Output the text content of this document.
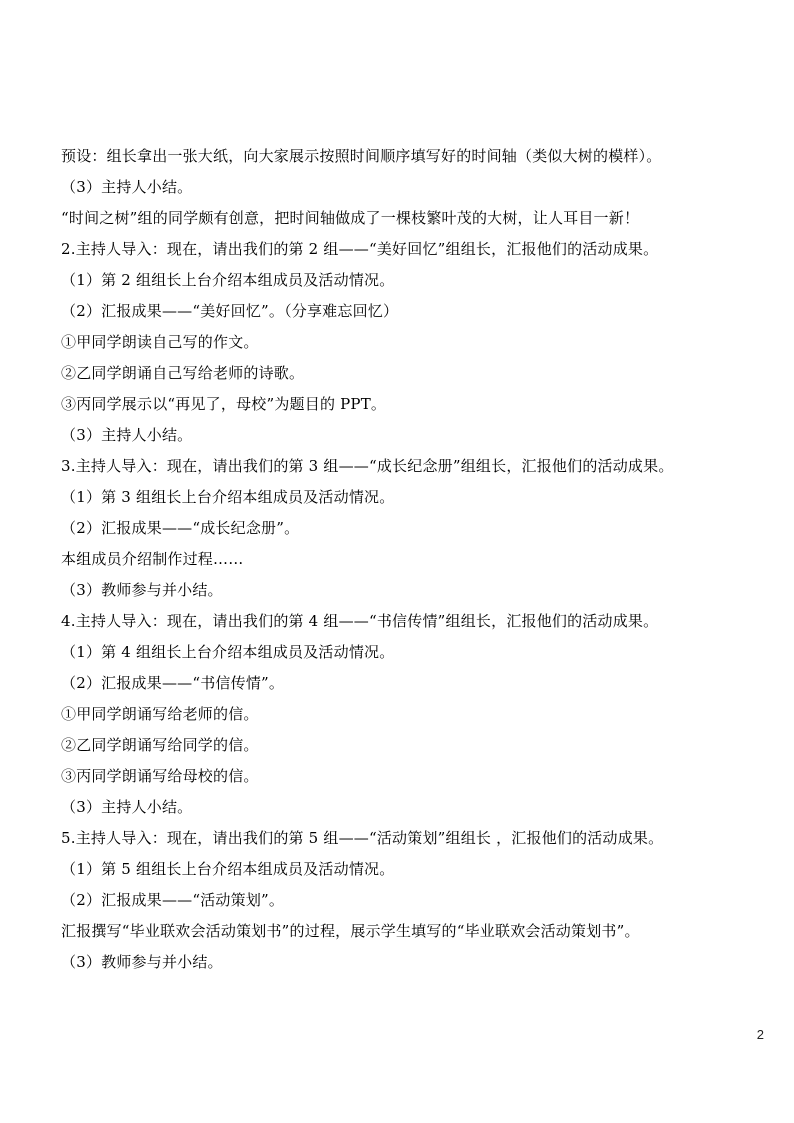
预设：组长拿出一张大纸，向大家展示按照时间顺序填写好的时间轴（类似大树的模样）。
（3）主持人小结。
“时间之树”组的同学颇有创意，把时间轴做成了一棵枝繁叶茂的大树，让人耳目一新！
2.主持人导入：现在，请出我们的第 2 组——“美好回忆”组组长，汇报他们的活动成果。
（1）第 2 组组长上台介绍本组成员及活动情况。
（2）汇报成果——“美好回忆”。（分享难忘回忆）
①甲同学朗读自己写的作文。
②乙同学朗诵自己写给老师的诗歌。
③丙同学展示以“再见了，母校”为题目的 PPT。
（3）主持人小结。
3.主持人导入：现在，请出我们的第 3 组——“成长纪念册”组组长，汇报他们的活动成果。
（1）第 3 组组长上台介绍本组成员及活动情况。
（2）汇报成果——“成长纪念册”。
本组成员介绍制作过程……
（3）教师参与并小结。
4.主持人导入：现在，请出我们的第 4 组——“书信传情”组组长，汇报他们的活动成果。
（1）第 4 组组长上台介绍本组成员及活动情况。
（2）汇报成果——“书信传情”。
①甲同学朗诵写给老师的信。
②乙同学朗诵写给同学的信。
③丙同学朗诵写给母校的信。
（3）主持人小结。
5.主持人导入：现在，请出我们的第 5 组——“活动策划”组组长 ，汇报他们的活动成果。
（1）第 5 组组长上台介绍本组成员及活动情况。
（2）汇报成果——“活动策划”。
汇报撰写“毕业联欢会活动策划书”的过程，展示学生填写的“毕业联欢会活动策划书”。
（3）教师参与并小结。
2
